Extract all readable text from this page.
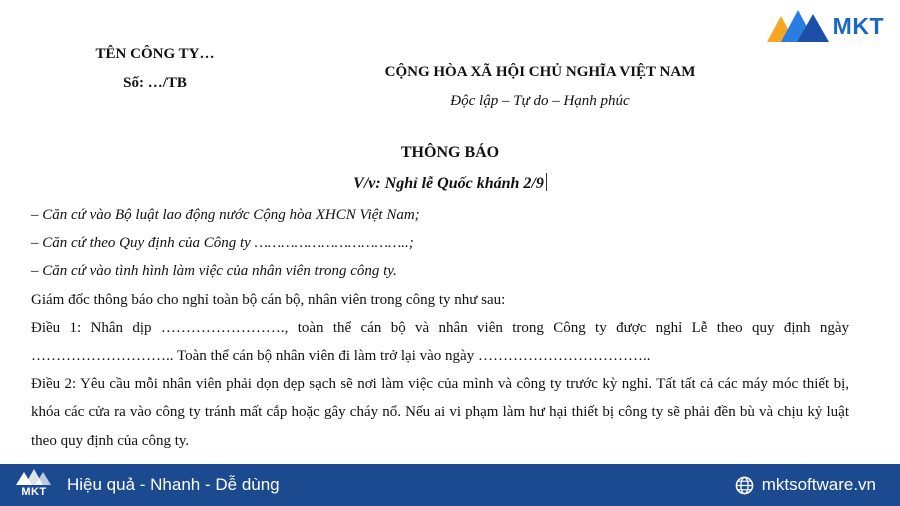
MKT
TÊN CÔNG TY…
Số: …/TB
CỘNG HÒA XÃ HỘI CHỦ NGHĨA VIỆT NAM
Độc lập – Tự do – Hạnh phúc
THÔNG BÁO
V/v: Nghỉ lễ Quốc khánh 2/9

– Căn cứ vào Bộ luật lao động nước Cộng hòa XHCN Việt Nam;

– Căn cứ theo Quy định của Công ty ……………………………..;

– Căn cứ vào tình hình làm việc của nhân viên trong công ty.

Giám đốc thông báo cho nghỉ toàn bộ cán bộ, nhân viên trong công ty như sau:

Điều 1: Nhân dịp ……………………., toàn thể cán bộ và nhân viên trong Công ty được nghỉ Lễ theo quy định ngày ……………………….. Toàn thể cán bộ nhân viên đi làm trở lại vào ngày ……………………………..

Điều 2: Yêu cầu mỗi nhân viên phải dọn dẹp sạch sẽ nơi làm việc của mình và công ty trước kỳ nghỉ. Tất tất cả các máy móc thiết bị, khóa các cửa ra vào công ty tránh mất cắp hoặc gây cháy nổ. Nếu ai vi phạm làm hư hại thiết bị công ty sẽ phải đền bù và chịu kỷ luật theo quy định của công ty.

MKT	Hiệu quả - Nhanh - Dễ dùng	mktsoftware.vn
